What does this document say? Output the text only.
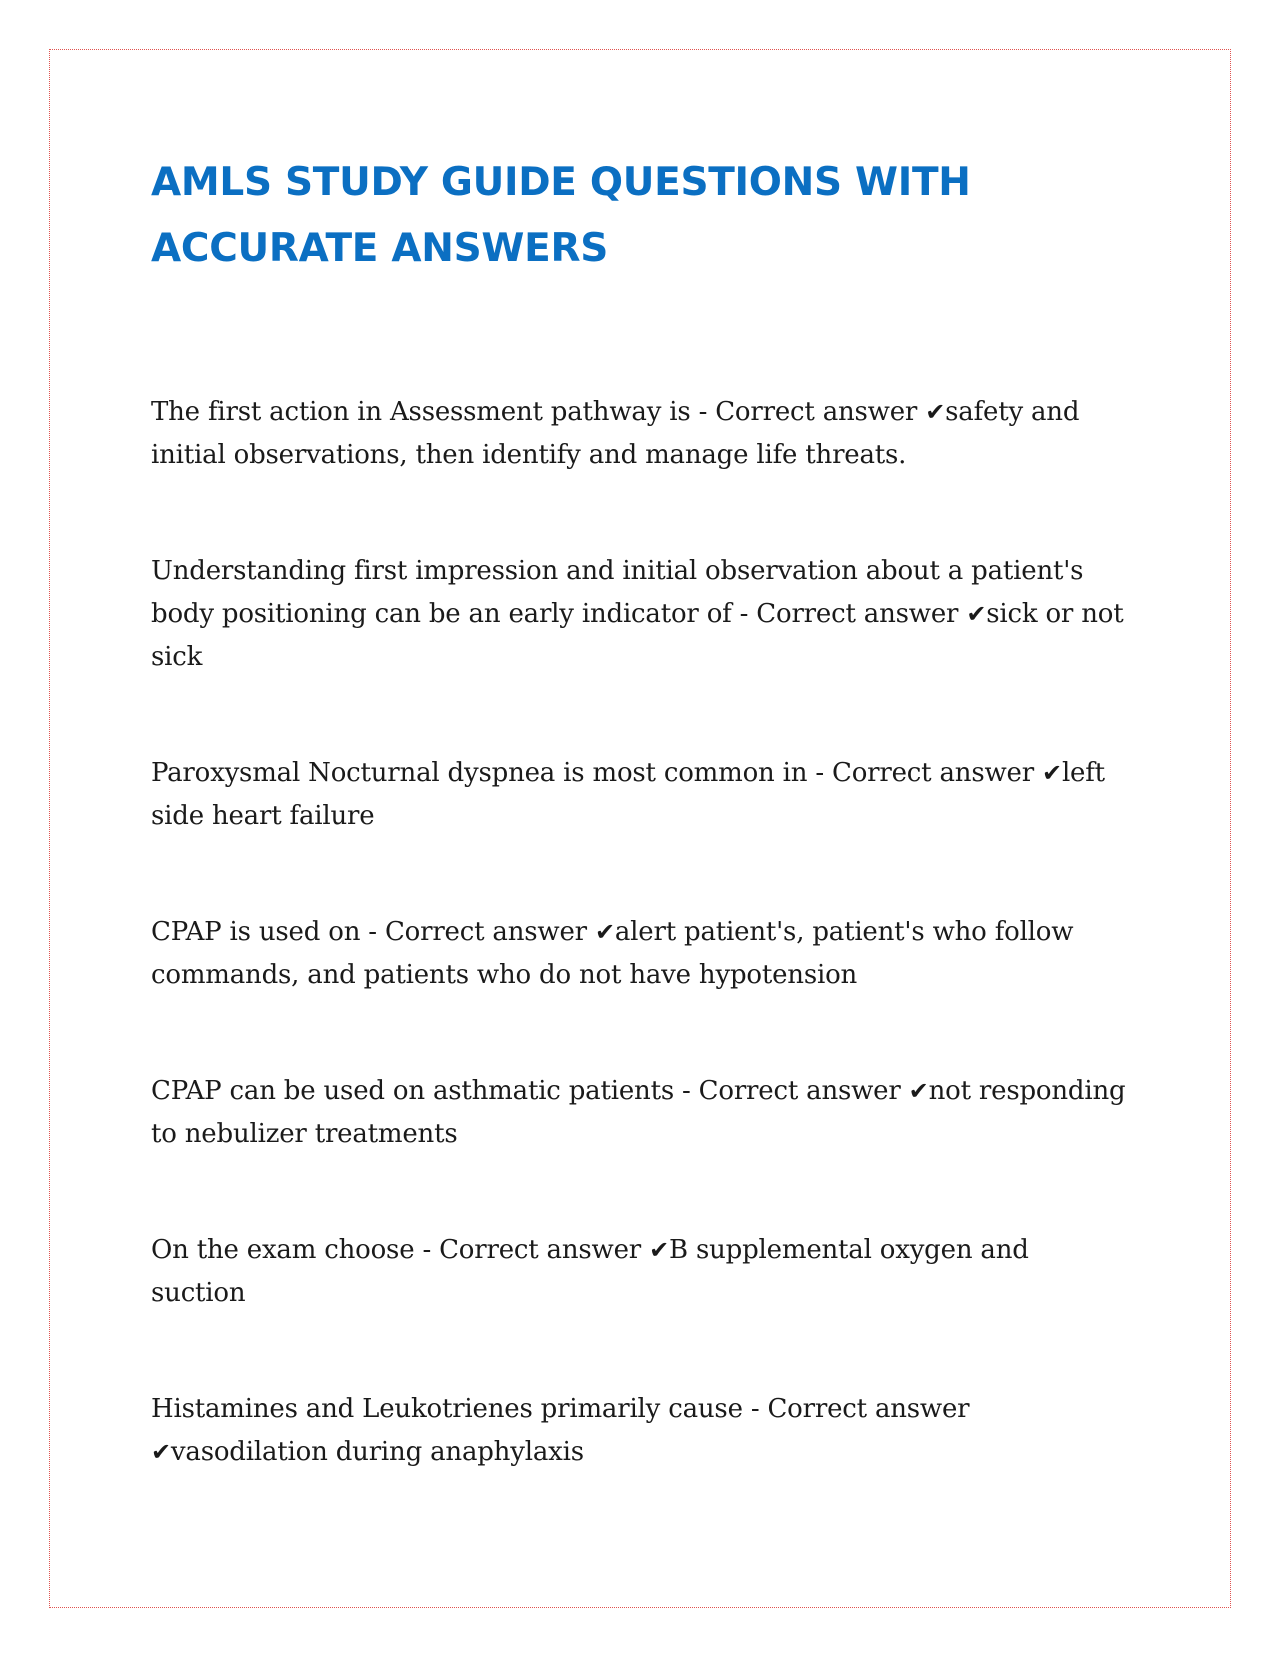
AMLS STUDY GUIDE QUESTIONS WITH ACCURATE ANSWERS

The first action in Assessment pathway is - Correct answer ✔safety and initial observations, then identify and manage life threats.

Understanding first impression and initial observation about a patient's body positioning can be an early indicator of - Correct answer ✔sick or not sick

Paroxysmal Nocturnal dyspnea is most common in - Correct answer ✔left side heart failure

CPAP is used on - Correct answer ✔alert patient's, patient's who follow commands, and patients who do not have hypotension

CPAP can be used on asthmatic patients - Correct answer ✔not responding to nebulizer treatments

On the exam choose - Correct answer ✔B supplemental oxygen and suction

Histamines and Leukotrienes primarily cause - Correct answer ✔vasodilation during anaphylaxis
